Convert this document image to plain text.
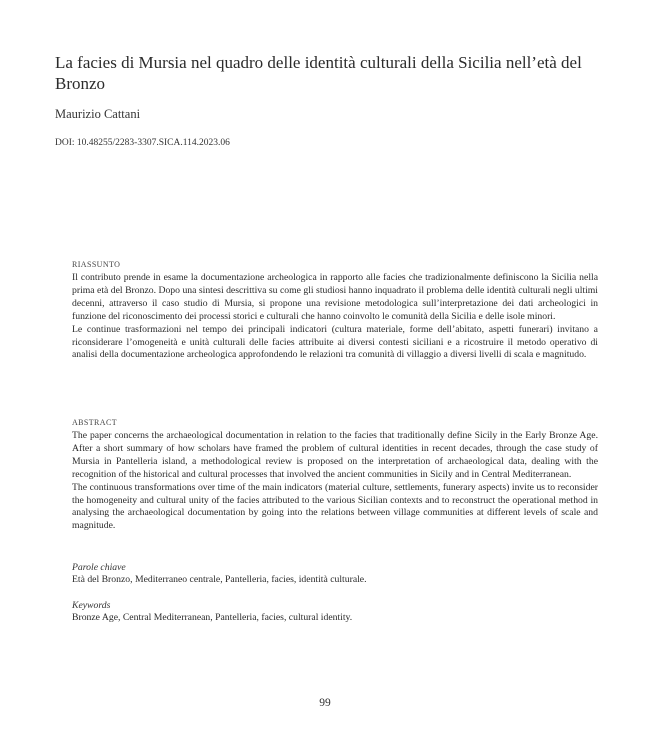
La facies di Mursia nel quadro delle identità culturali della Sicilia nell’età del Bronzo
Maurizio Cattani
DOI: 10.48255/2283-3307.SICA.114.2023.06
RIASSUNTO

Il contributo prende in esame la documentazione archeologica in rapporto alle facies che tradizionalmente definiscono la Sicilia nella prima età del Bronzo. Dopo una sintesi descrittiva su come gli studiosi hanno inquadrato il problema delle identità culturali negli ultimi decenni, attraverso il caso studio di Mursia, si propone una revisione metodologica sull’interpretazione dei dati archeologici in funzione del riconoscimento dei processi storici e culturali che hanno coinvolto le comunità della Sicilia e delle isole minori.

Le continue trasformazioni nel tempo dei principali indicatori (cultura materiale, forme dell’abitato, aspetti funerari) invitano a riconsiderare l’omogeneità e unità culturali delle facies attribuite ai diversi contesti siciliani e a ricostruire il metodo operativo di analisi della documentazione archeologica approfondendo le relazioni tra comunità di villaggio a diversi livelli di scala e magnitudo.

ABSTRACT

The paper concerns the archaeological documentation in relation to the facies that traditionally define Sicily in the Early Bronze Age. After a short summary of how scholars have framed the problem of cultural identities in recent decades, through the case study of Mursia in Pantelleria island, a methodological review is proposed on the interpretation of archaeological data, dealing with the recognition of the historical and cultural processes that involved the ancient communities in Sicily and in Central Mediterranean.

The continuous transformations over time of the main indicators (material culture, settlements, funerary aspects) invite us to reconsider the homogeneity and cultural unity of the facies attributed to the various Sicilian contexts and to reconstruct the operational method in analysing the archaeological documentation by going into the relations between village communities at different levels of scale and magnitude.

Parole chiave

Età del Bronzo, Mediterraneo centrale, Pantelleria, facies, identità culturale.

Keywords

Bronze Age, Central Mediterranean, Pantelleria, facies, cultural identity.

99
